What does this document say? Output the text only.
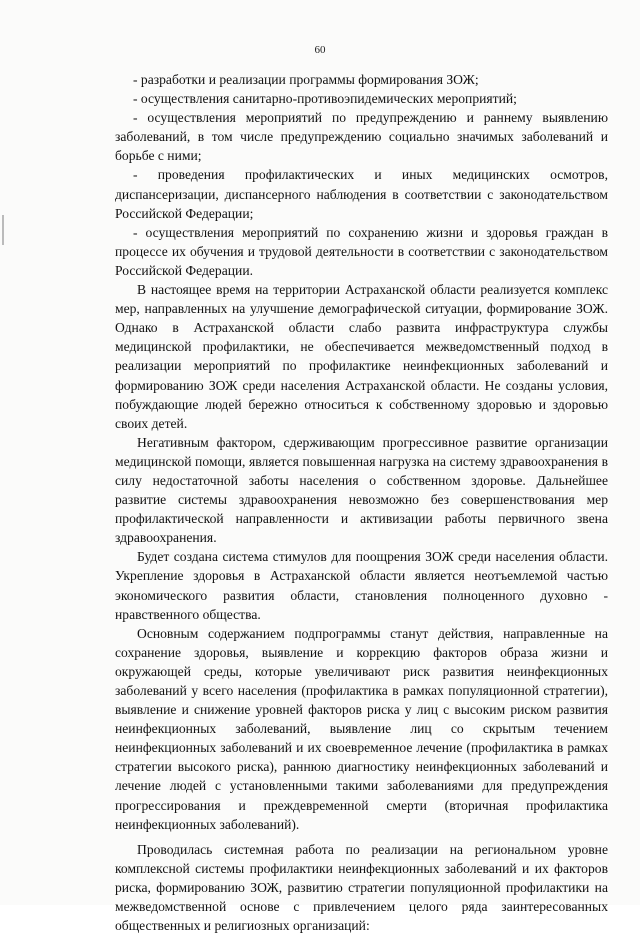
60

- разработки и реализации программы формирования ЗОЖ;

- осуществления санитарно-противоэпидемических мероприятий;

- осуществления мероприятий по предупреждению и раннему выявлению заболеваний, в том числе предупреждению социально значимых заболеваний и борьбе с ними;

- проведения профилактических и иных медицинских осмотров, диспансеризации, диспансерного наблюдения в соответствии с законодательством Российской Федерации;

- осуществления мероприятий по сохранению жизни и здоровья граждан в процессе их обучения и трудовой деятельности в соответствии с законодательством Российской Федерации.

В настоящее время на территории Астраханской области реализуется комплекс мер, направленных на улучшение демографической ситуации, формирование ЗОЖ. Однако в Астраханской области слабо развита инфраструктура службы медицинской профилактики, не обеспечивается межведомственный подход в реализации мероприятий по профилактике неинфекционных заболеваний и формированию ЗОЖ среди населения Астраханской области. Не созданы условия, побуждающие людей бережно относиться к собственному здоровью и здоровью своих детей.

Негативным фактором, сдерживающим прогрессивное развитие организации медицинской помощи, является повышенная нагрузка на систему здравоохранения в силу недостаточной заботы населения о собственном здоровье. Дальнейшее развитие системы здравоохранения невозможно без совершенствования мер профилактической направленности и активизации работы первичного звена здравоохранения.

Будет создана система стимулов для поощрения ЗОЖ среди населения области. Укрепление здоровья в Астраханской области является неотъемлемой частью экономического развития области, становления полноценного духовно - нравственного общества.

Основным содержанием подпрограммы станут действия, направленные на сохранение здоровья, выявление и коррекцию факторов образа жизни и окружающей среды, которые увеличивают риск развития неинфекционных заболеваний у всего населения (профилактика в рамках популяционной стратегии), выявление и снижение уровней факторов риска у лиц с высоким риском развития неинфекционных заболеваний, выявление лиц со скрытым течением неинфекционных заболеваний и их своевременное лечение (профилактика в рамках стратегии высокого риска), раннюю диагностику неинфекционных заболеваний и лечение людей с установленными такими заболеваниями для предупреждения прогрессирования и преждевременной смерти (вторичная профилактика неинфекционных заболеваний).

Проводилась системная работа по реализации на региональном уровне комплексной системы профилактики неинфекционных заболеваний и их факторов риска, формированию ЗОЖ, развитию стратегии популяционной профилактики на межведомственной основе с привлечением целого ряда заинтересованных общественных и религиозных организаций:
